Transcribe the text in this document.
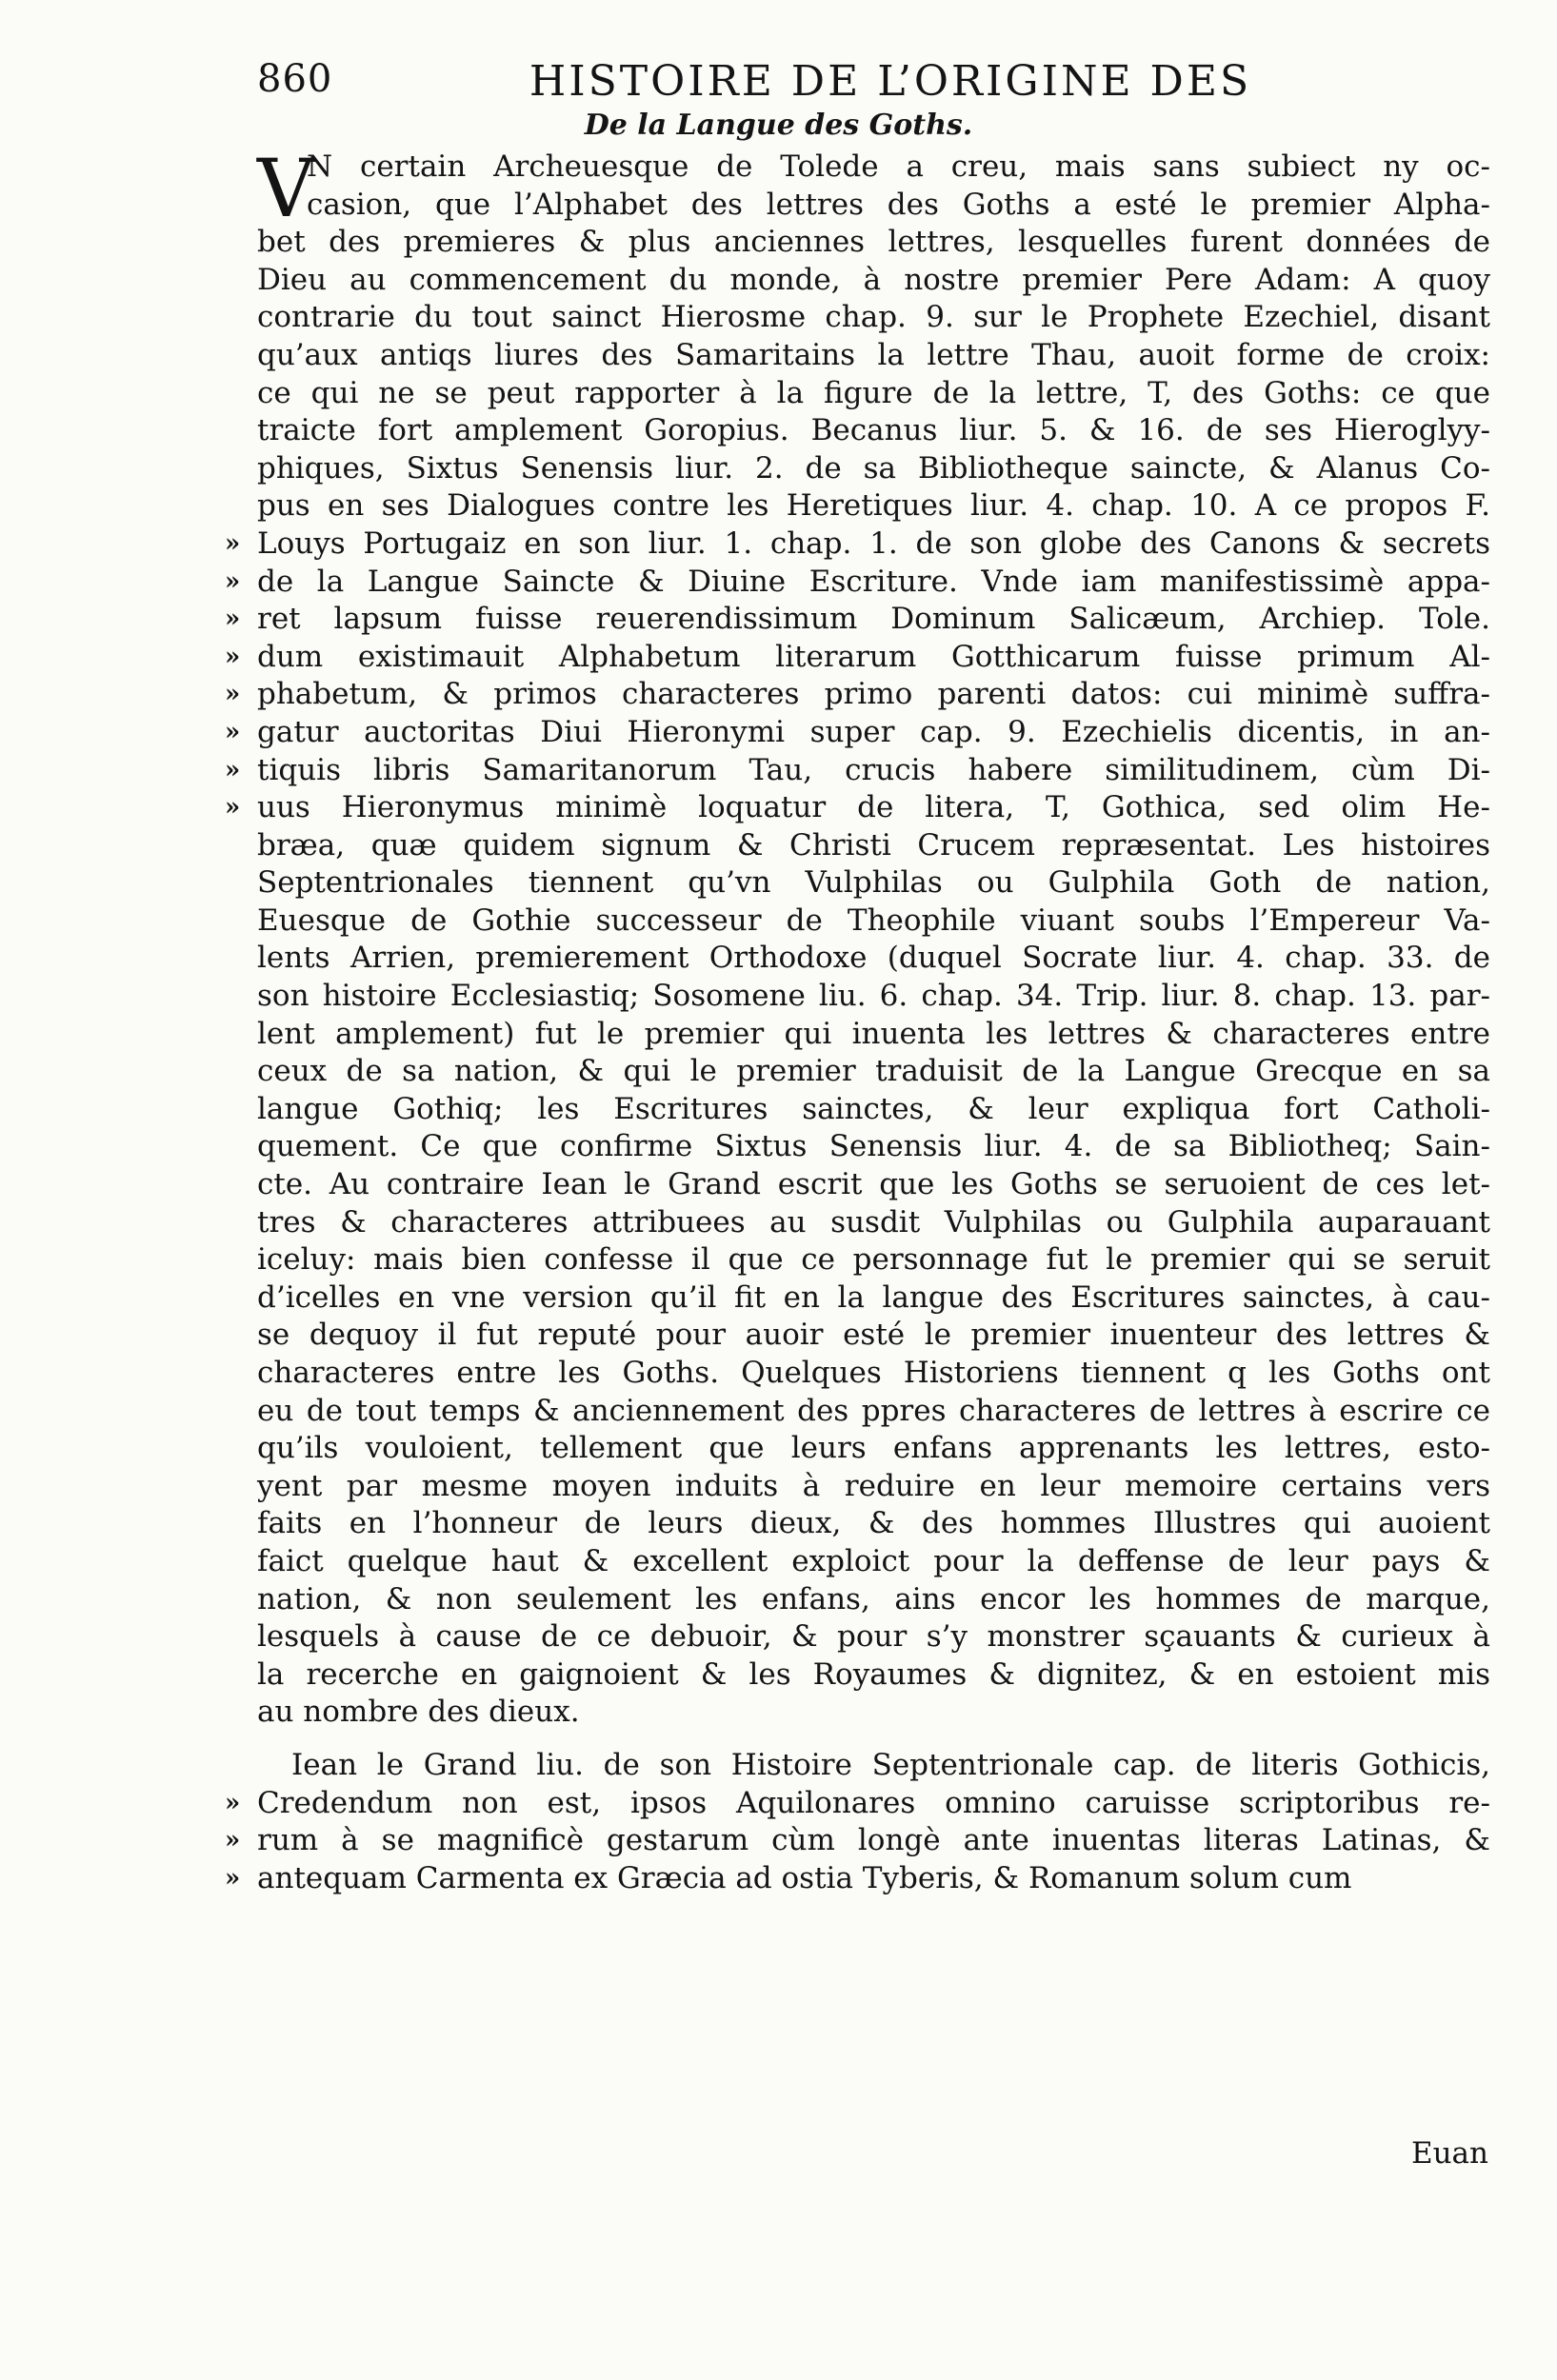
860	HISTOIRE DE L’ORIGINE DES
De la Langue des Goths.
V
N certain Archeuesque de Tolede a creu, mais sans subiect ny oc-
casion, que l’Alphabet des lettres des Goths a esté le premier Alpha-
bet des premieres & plus anciennes lettres, lesquelles furent données de
Dieu au commencement du monde, à nostre premier Pere Adam: A quoy
contrarie du tout sainct Hierosme chap. 9. sur le Prophete Ezechiel, disant
qu’aux antiqs liures des Samaritains la lettre Thau, auoit forme de croix:
ce qui ne se peut rapporter à la figure de la lettre, T, des Goths: ce que
traicte fort amplement Goropius. Becanus liur. 5. & 16. de ses Hieroglyy-
phiques, Sixtus Senensis liur. 2. de sa Bibliotheque saincte, & Alanus Co-
pus en ses Dialogues contre les Heretiques liur. 4. chap. 10. A ce propos F.
» Louys Portugaiz en son liur. 1. chap. 1. de son globe des Canons & secrets
» de la Langue Saincte & Diuine Escriture. Vnde iam manifestissimè appa-
» ret lapsum fuisse reuerendissimum Dominum Salicæum, Archiep. Tole.
» dum existimauit Alphabetum literarum Gotthicarum fuisse primum Al-
» phabetum, & primos characteres primo parenti datos: cui minimè suffra-
» gatur auctoritas Diui Hieronymi super cap. 9. Ezechielis dicentis, in an-
» tiquis libris Samaritanorum Tau, crucis habere similitudinem, cùm Di-
» uus Hieronymus minimè loquatur de litera, T, Gothica, sed olim He-
bræa, quæ quidem signum & Christi Crucem repræsentat. Les histoires
Septentrionales tiennent qu’vn Vulphilas ou Gulphila Goth de nation,
Euesque de Gothie successeur de Theophile viuant soubs l’Empereur Va-
lents Arrien, premierement Orthodoxe (duquel Socrate liur. 4. chap. 33. de
son histoire Ecclesiastiq; Sosomene liu. 6. chap. 34. Trip. liur. 8. chap. 13. par-
lent amplement) fut le premier qui inuenta les lettres & characteres entre
ceux de sa nation, & qui le premier traduisit de la Langue Grecque en sa
langue Gothiq; les Escritures sainctes, & leur expliqua fort Catholi-
quement. Ce que confirme Sixtus Senensis liur. 4. de sa Bibliotheq; Sain-
cte. Au contraire Iean le Grand escrit que les Goths se seruoient de ces let-
tres & characteres attribuees au susdit Vulphilas ou Gulphila auparauant
iceluy: mais bien confesse il que ce personnage fut le premier qui se seruit
d’icelles en vne version qu’il fit en la langue des Escritures sainctes, à cau-
se dequoy il fut reputé pour auoir esté le premier inuenteur des lettres &
characteres entre les Goths. Quelques Historiens tiennent q les Goths ont
eu de tout temps & anciennement des ppres characteres de lettres à escrire ce
qu’ils vouloient, tellement que leurs enfans apprenants les lettres, esto-
yent par mesme moyen induits à reduire en leur memoire certains vers
faits en l’honneur de leurs dieux, & des hommes Illustres qui auoient
faict quelque haut & excellent exploict pour la deffense de leur pays &
nation, & non seulement les enfans, ains encor les hommes de marque,
lesquels à cause de ce debuoir, & pour s’y monstrer sçauants & curieux à
la recerche en gaignoient & les Royaumes & dignitez, & en estoient mis
au nombre des dieux.
Iean le Grand liu. de son Histoire Septentrionale cap. de literis Gothicis,
» Credendum non est, ipsos Aquilonares omnino caruisse scriptoribus re-
» rum à se magnificè gestarum cùm longè ante inuentas literas Latinas, &
» antequam Carmenta ex Græcia ad ostia Tyberis, & Romanum solum cum
Euan
